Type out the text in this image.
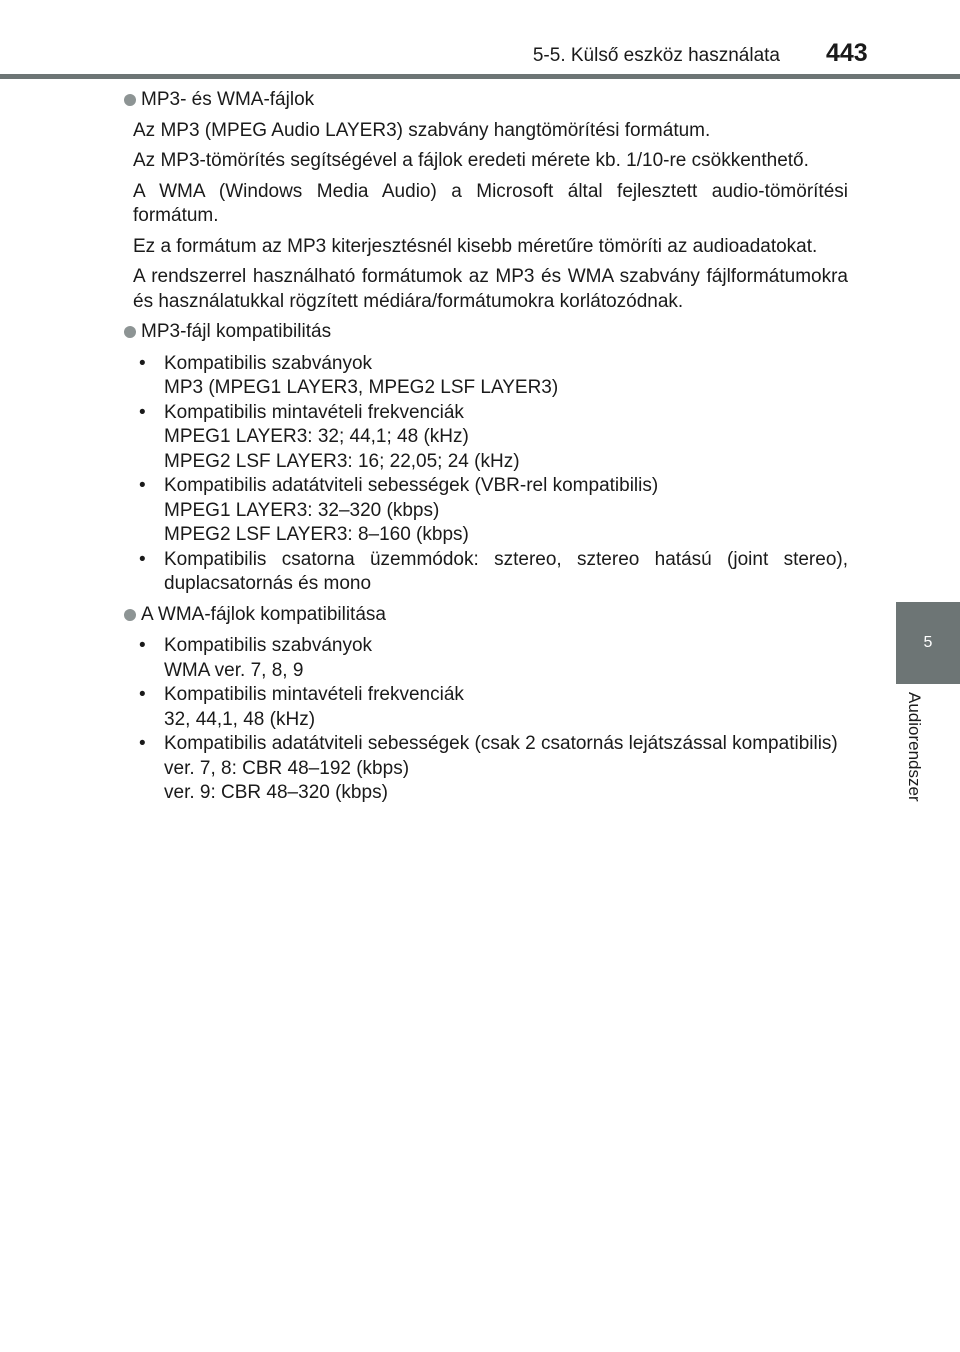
5-5. Külső eszköz használata 443
5
Audiorendszer
MP3- és WMA-fájlok

Az MP3 (MPEG Audio LAYER3) szabvány hangtömörítési formátum.

Az MP3-tömörítés segítségével a fájlok eredeti mérete kb. 1/10-re csökkenthető.

A WMA (Windows Media Audio) a Microsoft által fejlesztett audio-tömörítési formátum.

Ez a formátum az MP3 kiterjesztésnél kisebb méretűre tömöríti az audioadatokat.

A rendszerrel használható formátumok az MP3 és WMA szabvány fájlformátumokra és használatukkal rögzített médiára/formátumokra korlátozódnak.

MP3-fájl kompatibilitás
• Kompatibilis szabványok
MP3 (MPEG1 LAYER3, MPEG2 LSF LAYER3)
• Kompatibilis mintavételi frekvenciák
MPEG1 LAYER3: 32; 44,1; 48 (kHz)
MPEG2 LSF LAYER3: 16; 22,05; 24 (kHz)
• Kompatibilis adatátviteli sebességek (VBR-rel kompatibilis)
MPEG1 LAYER3: 32–320 (kbps)
MPEG2 LSF LAYER3: 8–160 (kbps)
• Kompatibilis csatorna üzemmódok: sztereo, sztereo hatású (joint stereo), duplacsatornás és mono
A WMA-fájlok kompatibilitása
• Kompatibilis szabványok
WMA ver. 7, 8, 9
• Kompatibilis mintavételi frekvenciák
32, 44,1, 48 (kHz)
• Kompatibilis adatátviteli sebességek (csak 2 csatornás lejátszással kompatibilis)
ver. 7, 8: CBR 48–192 (kbps)
ver. 9: CBR 48–320 (kbps)
